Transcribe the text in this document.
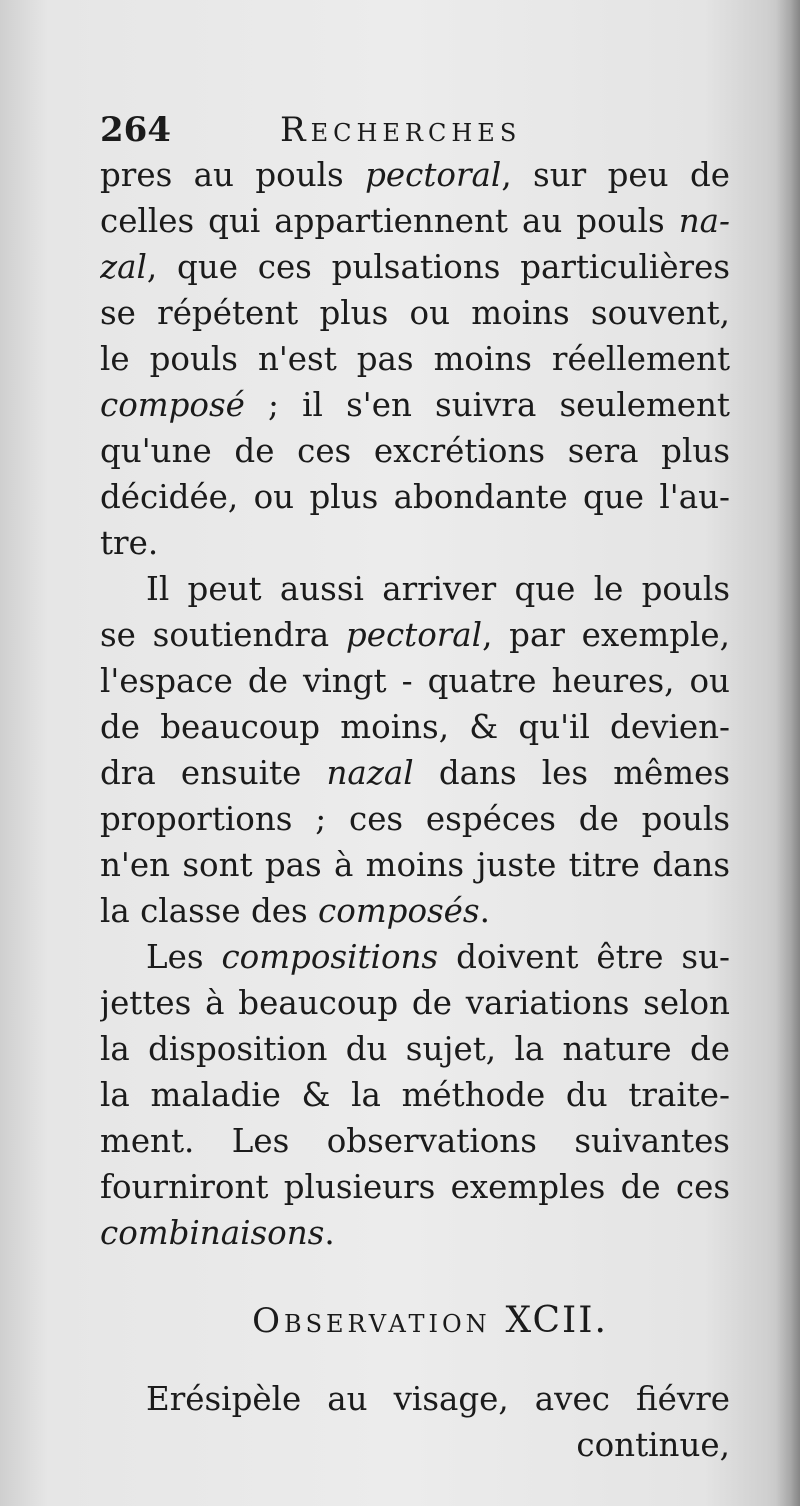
264	Recherches
pres au pouls pectoral, sur peu de
celles qui appartiennent au pouls na-
zal, que ces pulsations particulières
se répétent plus ou moins souvent,
le pouls n'est pas moins réellement
composé ; il s'en suivra seulement
qu'une de ces excrétions sera plus
décidée, ou plus abondante que l'au-
tre.
Il peut aussi arriver que le pouls
se soutiendra pectoral, par exemple,
l'espace de vingt - quatre heures, ou
de beaucoup moins, & qu'il devien-
dra ensuite nazal dans les mêmes
proportions ; ces espéces de pouls
n'en sont pas à moins juste titre dans
la classe des composés.
Les compositions doivent être su-
jettes à beaucoup de variations selon
la disposition du sujet, la nature de
la maladie & la méthode du traite-
ment. Les observations suivantes
fourniront plusieurs exemples de ces
combinaisons.
Observation XCII.
Erésipèle au visage, avec fiévre
continue,
